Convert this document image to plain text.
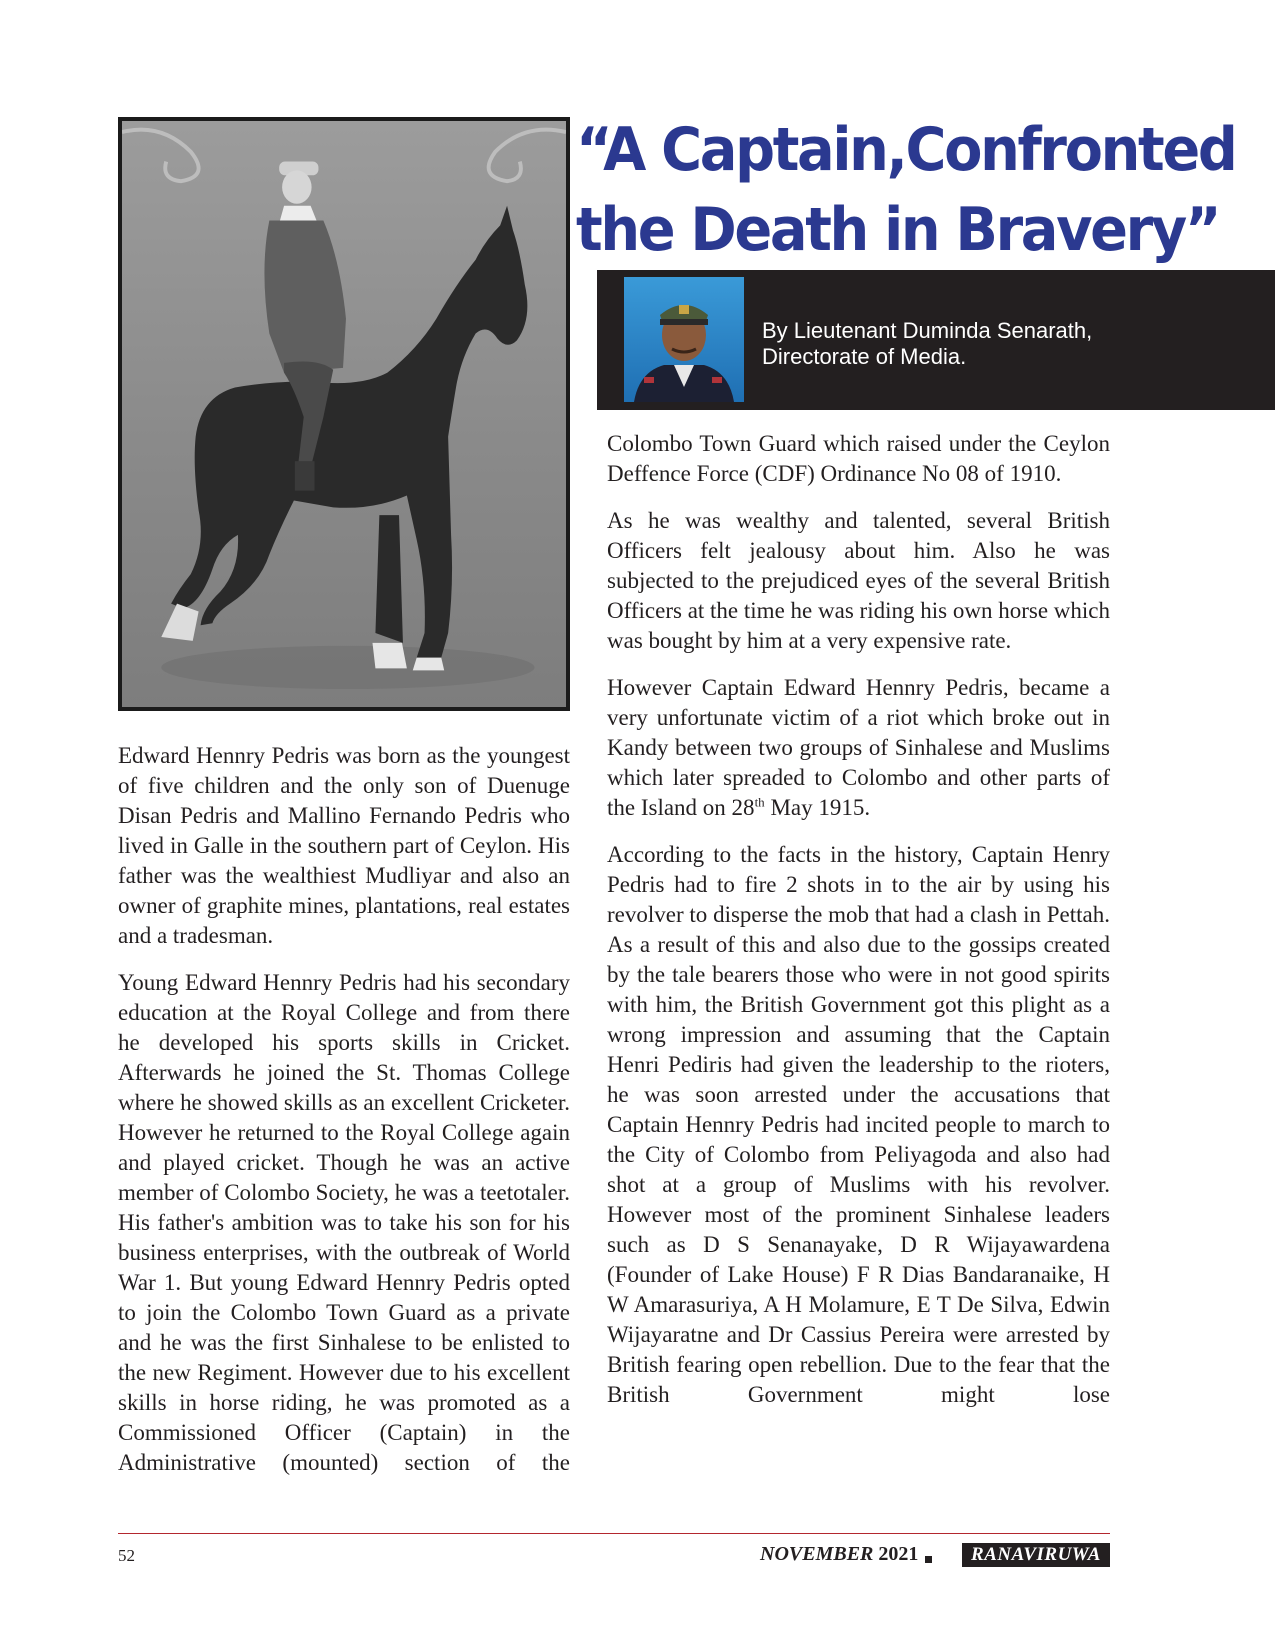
“A Captain,Confronted
the Death in Bravery”
By Lieutenant Duminda Senarath,
Directorate of Media.

Edward Hennry Pedris was born as the youngest of five children and the only son of Duenuge Disan Pedris and Mallino Fernando Pedris who lived in Galle in the southern part of Ceylon. His father was the wealthiest Mudliyar and also an owner of graphite mines, plantations, real estates and a tradesman.

Young Edward Hennry Pedris had his secondary education at the Royal College and from there he developed his sports skills in Cricket. Afterwards he joined the St. Thomas College where he showed skills as an excellent Cricketer. However he returned to the Royal College again and played cricket. Though he was an active member of Colombo Society, he was a teetotaler. His father's ambition was to take his son for his business enterprises, with the outbreak of World War 1. But young Edward Hennry Pedris opted to join the Colombo Town Guard as a private and he was the first Sinhalese to be enlisted to the new Regiment. However due to his excellent skills in horse riding, he was promoted as a Commissioned Officer (Captain) in the Administrative (mounted) section of the

Colombo Town Guard which raised under the Ceylon Deffence Force (CDF) Ordinance No 08 of 1910.

As he was wealthy and talented, several British Officers felt jealousy about him. Also he was subjected to the prejudiced eyes of the several British Officers at the time he was riding his own horse which was bought by him at a very expensive rate.

However Captain Edward Hennry Pedris, became a very unfortunate victim of a riot which broke out in Kandy between two groups of Sinhalese and Muslims which later spreaded to Colombo and other parts of the Island on 28th May 1915.

According to the facts in the history, Captain Henry Pedris had to fire 2 shots in to the air by using his revolver to disperse the mob that had a clash in Pettah. As a result of this and also due to the gossips created by the tale bearers those who were in not good spirits with him, the British Government got this plight as a wrong impression and assuming that the Captain Henri Pediris had given the leadership to the rioters, he was soon arrested under the accusations that Captain Hennry Pedris had incited people to march to the City of Colombo from Peliyagoda and also had shot at a group of Muslims with his revolver. However most of the prominent Sinhalese leaders such as D S Senanayake, D R Wijayawardena (Founder of Lake House) F R Dias Bandaranaike, H W Amarasuriya, A H Molamure, E T De Silva, Edwin Wijayaratne and Dr Cassius Pereira were arrested by British fearing open rebellion. Due to the fear that the British Government might lose

52	NOVEMBER 2021	RANAVIRUWA
